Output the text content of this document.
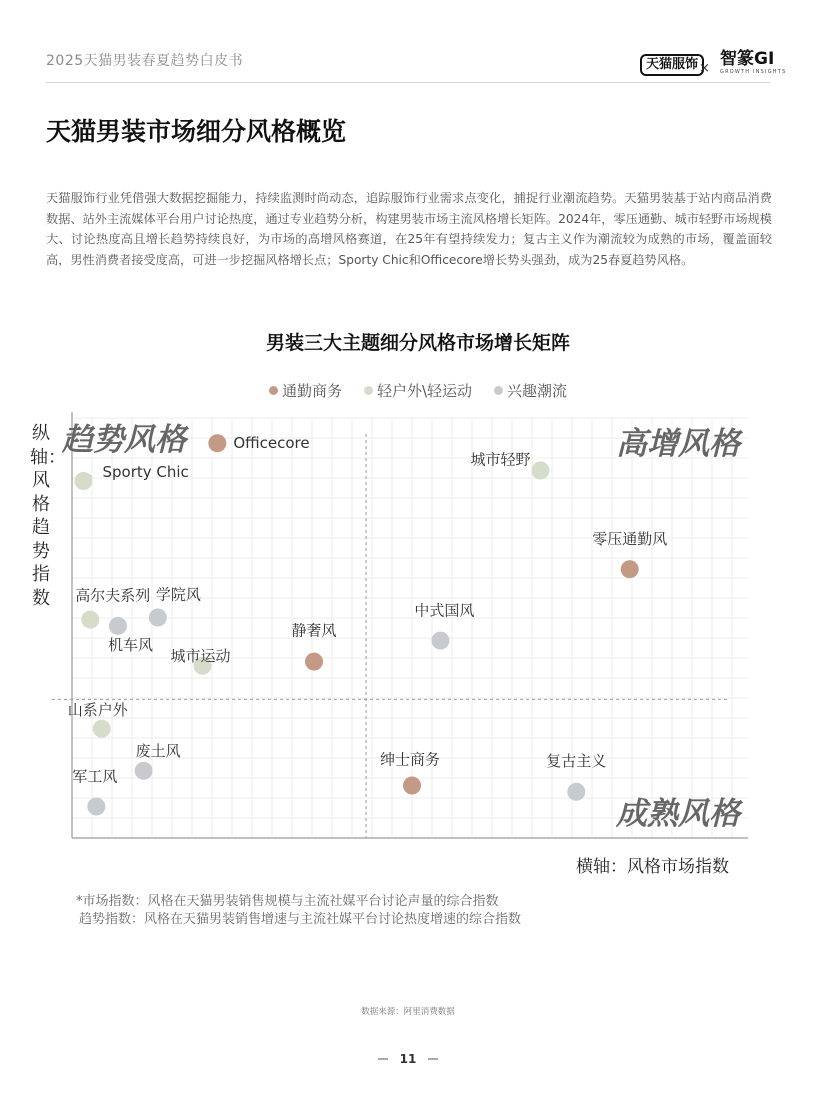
2025天猫男装春夏趋势白皮书	天猫服饰 × 智篆GI
GROWTH INSIGHTS
天猫男装市场细分风格概览
天猫服饰行业凭借强大数据挖掘能力，持续监测时尚动态，追踪服饰行业需求点变化，捕捉行业潮流趋势。天猫男装基于站内商品消费数据、站外主流媒体平台用户讨论热度，通过专业趋势分析，构建男装市场主流风格增长矩阵。2024年，零压通勤、城市轻野市场规模大、讨论热度高且增长趋势持续良好，为市场的高增风格赛道，在25年有望持续发力；复古主义作为潮流较为成熟的市场，覆盖面较高，男性消费者接受度高，可进一步挖掘风格增长点；Sporty Chic和Officecore增长势头强劲，成为25春夏趋势风格。
男装三大主题细分风格市场增长矩阵
通勤商务 轻户外\轻运动 兴趣潮流
纵轴：风格趋势指数
横轴：风格市场指数
趋势风格	高增风格
成熟风格
Officecore
零压通勤风
静奢风
绅士商务
Sporty Chic
城市轻野
高尔夫系列
城市运动
山系户外
学院风
机车风
中式国风
废土风
军工风
复古主义
*市场指数：风格在天猫男装销售规模与主流社媒平台讨论声量的综合指数
趋势指数：风格在天猫男装销售增速与主流社媒平台讨论热度增速的综合指数
数据来源：阿里消费数据
11
